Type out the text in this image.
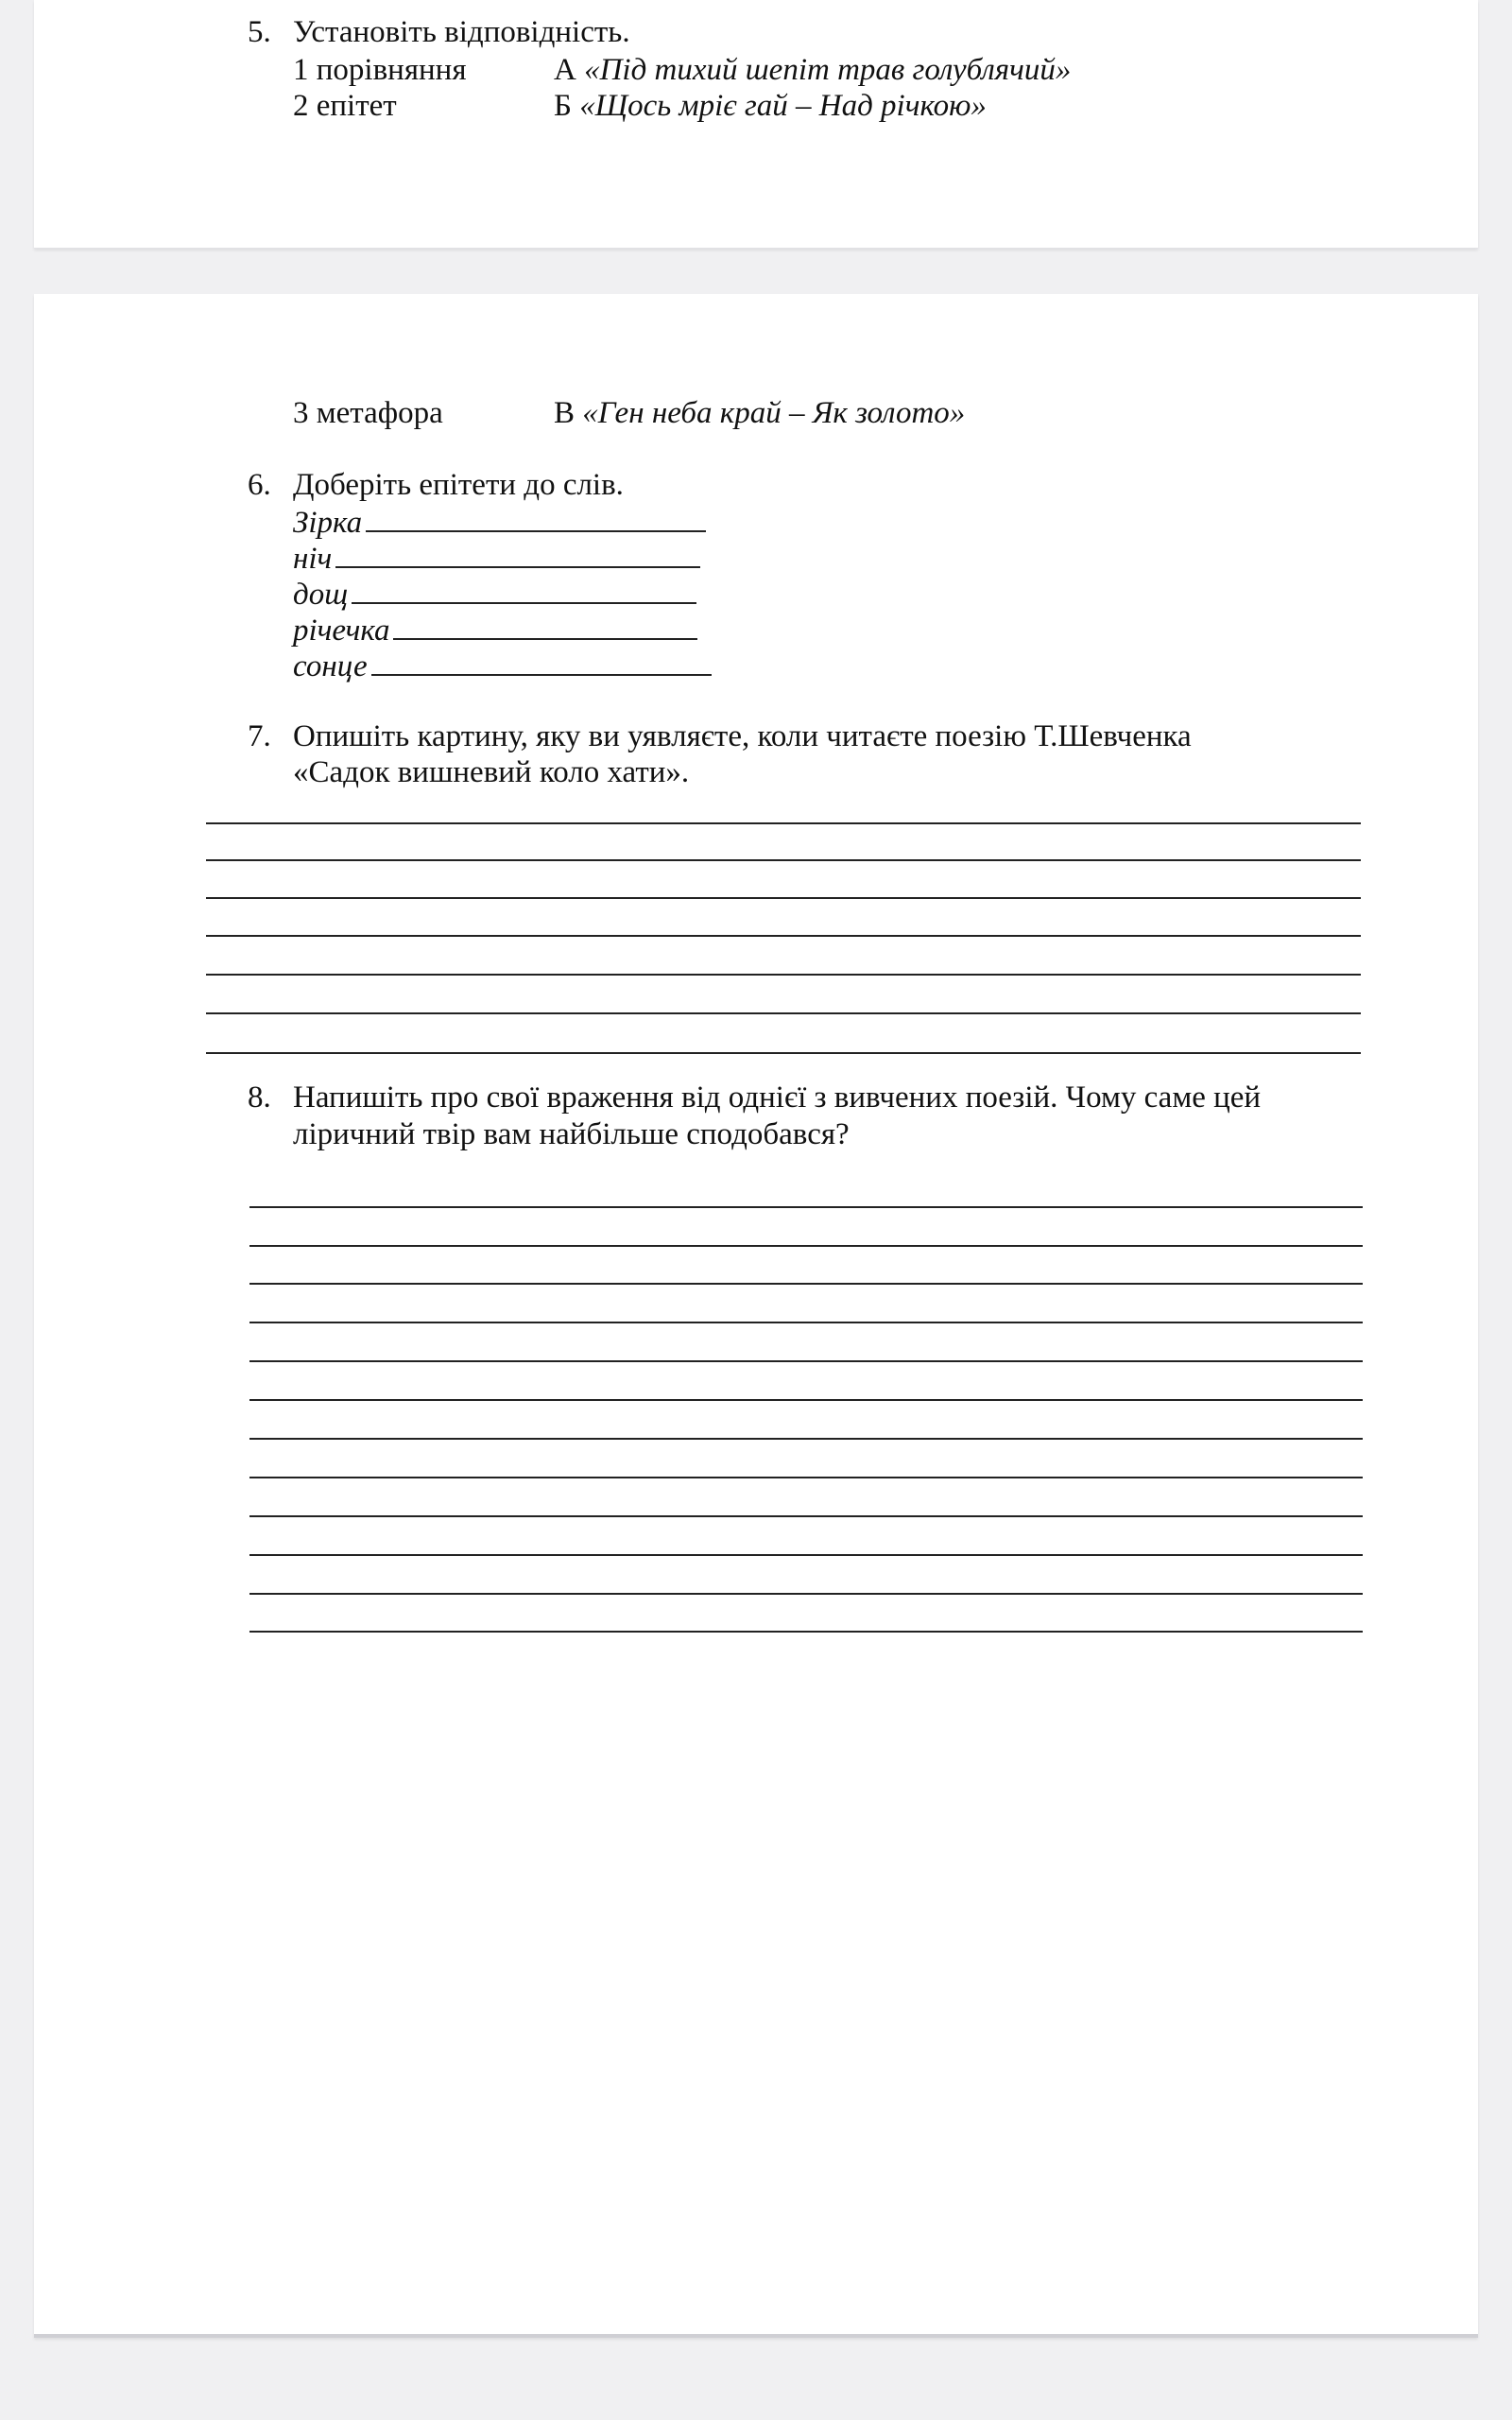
5. Установіть відповідність.
1 порівняння	А «Під тихий шепіт трав голублячий»
2 епітет	Б «Щось мріє гай – Над річкою»
3 метафора	В «Ген неба край – Як золото»
6. Доберіть епітети до слів.
Зірка
ніч
дощ
річечка
сонце
7. Опишіть картину, яку ви уявляєте, коли читаєте поезію Т.Шевченка
«Садок вишневий коло хати».
8. Напишіть про свої враження від однієї з вивчених поезій. Чому саме цей
ліричний твір вам найбільше сподобався?
